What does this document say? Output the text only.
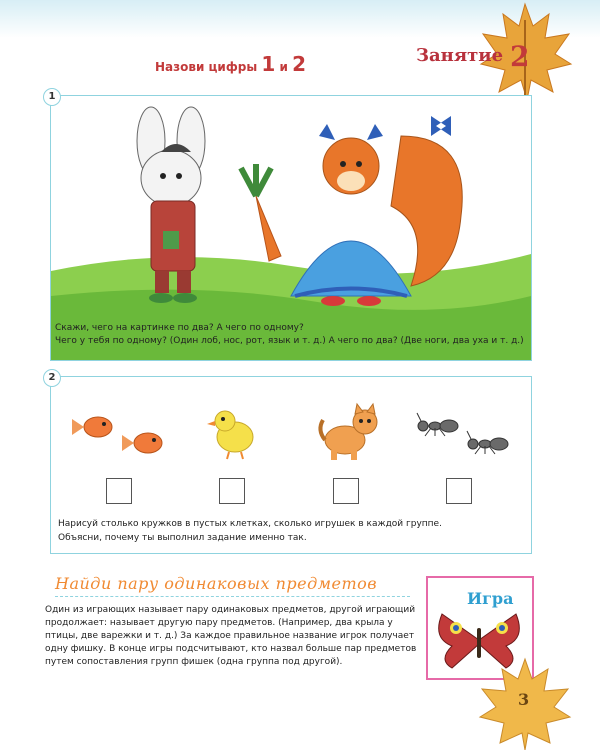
Назови цифры 1 и 2	Занятие 2
1
Скажи, чего на картинке по два? А чего по одному?
Чего у тебя по одному? (Один лоб, нос, рот, язык и т. д.) А чего по два? (Две ноги, два уха и т. д.)
2
Нарисуй столько кружков в пустых клетках, сколько игрушек в каждой группе.
Объясни, почему ты выполнил задание именно так.
Найди пару одинаковых предметов
Один из играющих называет пару одинаковых предметов, другой играющий продолжает: называет другую пару предметов. (Например, два крыла у птицы, две варежки и т. д.) За каждое правильное название игрок получает одну фишку. В конце игры подсчитывают, кто назвал больше пар предметов путем сопоставления групп фишек (одна группа под другой).
Игра
3
